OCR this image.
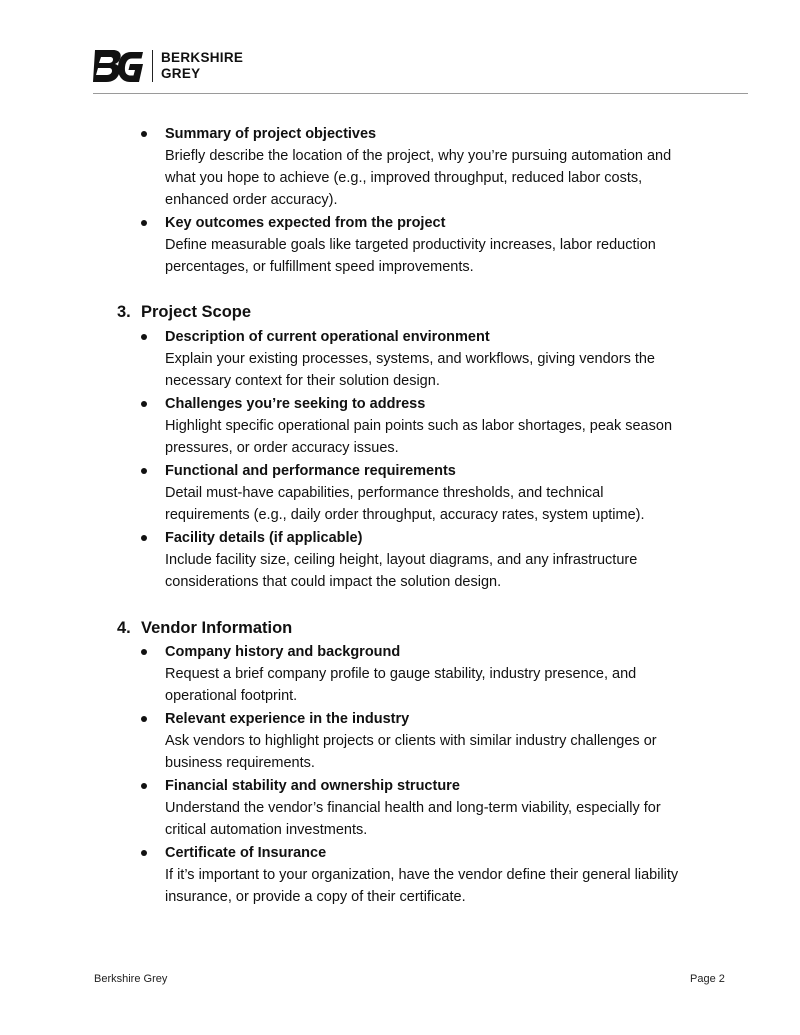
BERKSHIRE
GREY
Summary of project objectives
Briefly describe the location of the project, why you’re pursuing automation and
what you hope to achieve (e.g., improved throughput, reduced labor costs,
enhanced order accuracy).
Key outcomes expected from the project
Define measurable goals like targeted productivity increases, labor reduction
percentages, or fulfillment speed improvements.
3. Project Scope
Description of current operational environment
Explain your existing processes, systems, and workflows, giving vendors the
necessary context for their solution design.
Challenges you’re seeking to address
Highlight specific operational pain points such as labor shortages, peak season
pressures, or order accuracy issues.
Functional and performance requirements
Detail must-have capabilities, performance thresholds, and technical
requirements (e.g., daily order throughput, accuracy rates, system uptime).
Facility details (if applicable)
Include facility size, ceiling height, layout diagrams, and any infrastructure
considerations that could impact the solution design.
4. Vendor Information
Company history and background
Request a brief company profile to gauge stability, industry presence, and
operational footprint.
Relevant experience in the industry
Ask vendors to highlight projects or clients with similar industry challenges or
business requirements.
Financial stability and ownership structure
Understand the vendor’s financial health and long-term viability, especially for
critical automation investments.
Certificate of Insurance
If it’s important to your organization, have the vendor define their general liability
insurance, or provide a copy of their certificate.
Berkshire Grey	Page 2
